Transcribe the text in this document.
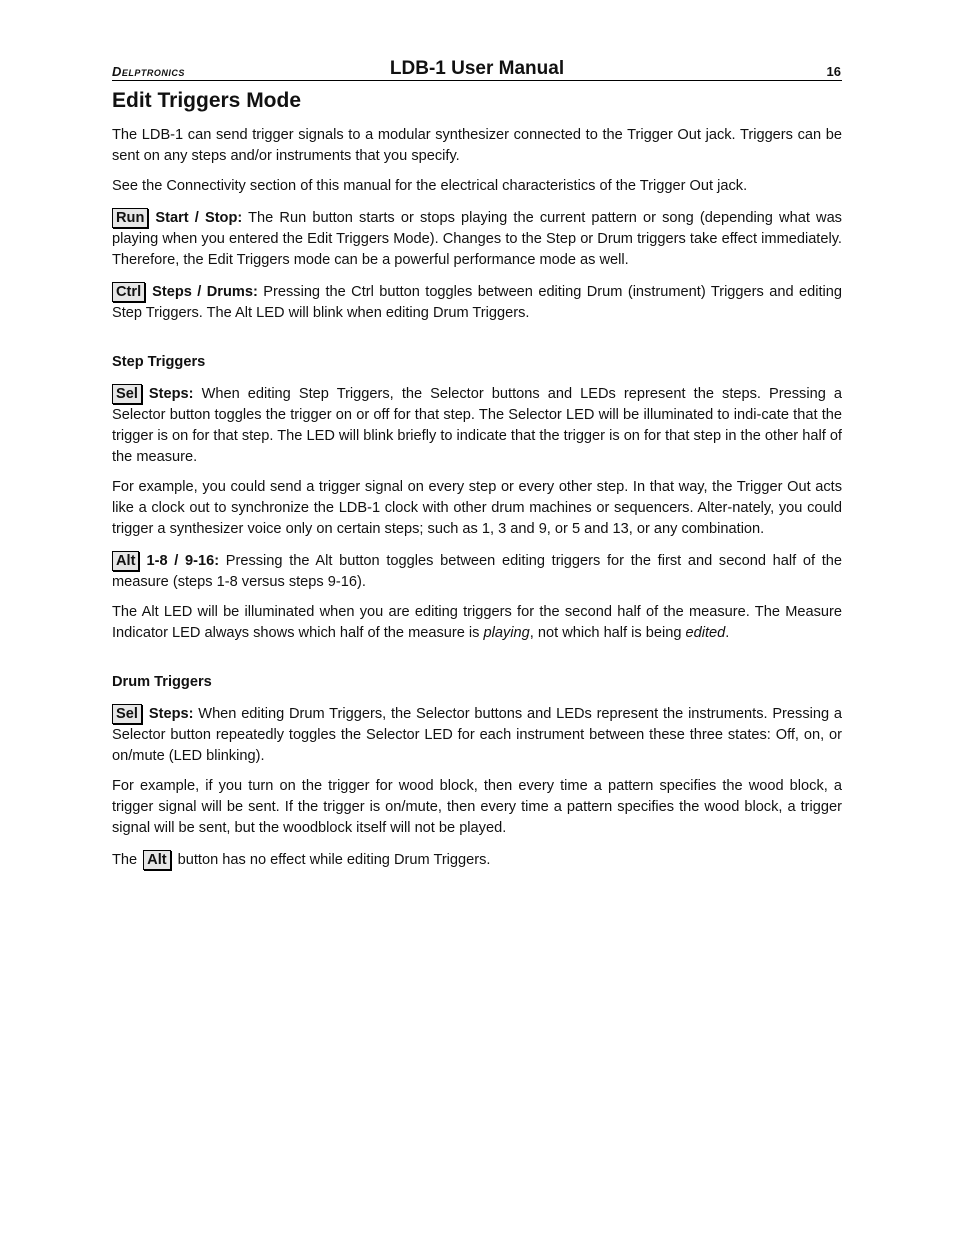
Delptronics	LDB-1 User Manual	16
Edit Triggers Mode

The LDB-1 can send trigger signals to a modular synthesizer connected to the Trigger Out jack. Triggers can be sent on any steps and/or instruments that you specify.

See the Connectivity section of this manual for the electrical characteristics of the Trigger Out jack.

Run Start / Stop: The Run button starts or stops playing the current pattern or song (depending what was playing when you entered the Edit Triggers Mode). Changes to the Step or Drum triggers take effect immediately. Therefore, the Edit Triggers mode can be a powerful performance mode as well.

Ctrl Steps / Drums: Pressing the Ctrl button toggles between editing Drum (instrument) Triggers and editing Step Triggers. The Alt LED will blink when editing Drum Triggers.

Step Triggers

Sel Steps: When editing Step Triggers, the Selector buttons and LEDs represent the steps. Pressing a Selector button toggles the trigger on or off for that step. The Selector LED will be illuminated to indi-cate that the trigger is on for that step. The LED will blink briefly to indicate that the trigger is on for that step in the other half of the measure.

For example, you could send a trigger signal on every step or every other step. In that way, the Trigger Out acts like a clock out to synchronize the LDB-1 clock with other drum machines or sequencers. Alter-nately, you could trigger a synthesizer voice only on certain steps; such as 1, 3 and 9, or 5 and 13, or any combination.

Alt 1-8 / 9-16: Pressing the Alt button toggles between editing triggers for the first and second half of the measure (steps 1-8 versus steps 9-16).

The Alt LED will be illuminated when you are editing triggers for the second half of the measure. The Measure Indicator LED always shows which half of the measure is playing, not which half is being edited.

Drum Triggers

Sel Steps: When editing Drum Triggers, the Selector buttons and LEDs represent the instruments. Pressing a Selector button repeatedly toggles the Selector LED for each instrument between these three states: Off, on, or on/mute (LED blinking).

For example, if you turn on the trigger for wood block, then every time a pattern specifies the wood block, a trigger signal will be sent. If the trigger is on/mute, then every time a pattern specifies the wood block, a trigger signal will be sent, but the woodblock itself will not be played.

The Alt button has no effect while editing Drum Triggers.
